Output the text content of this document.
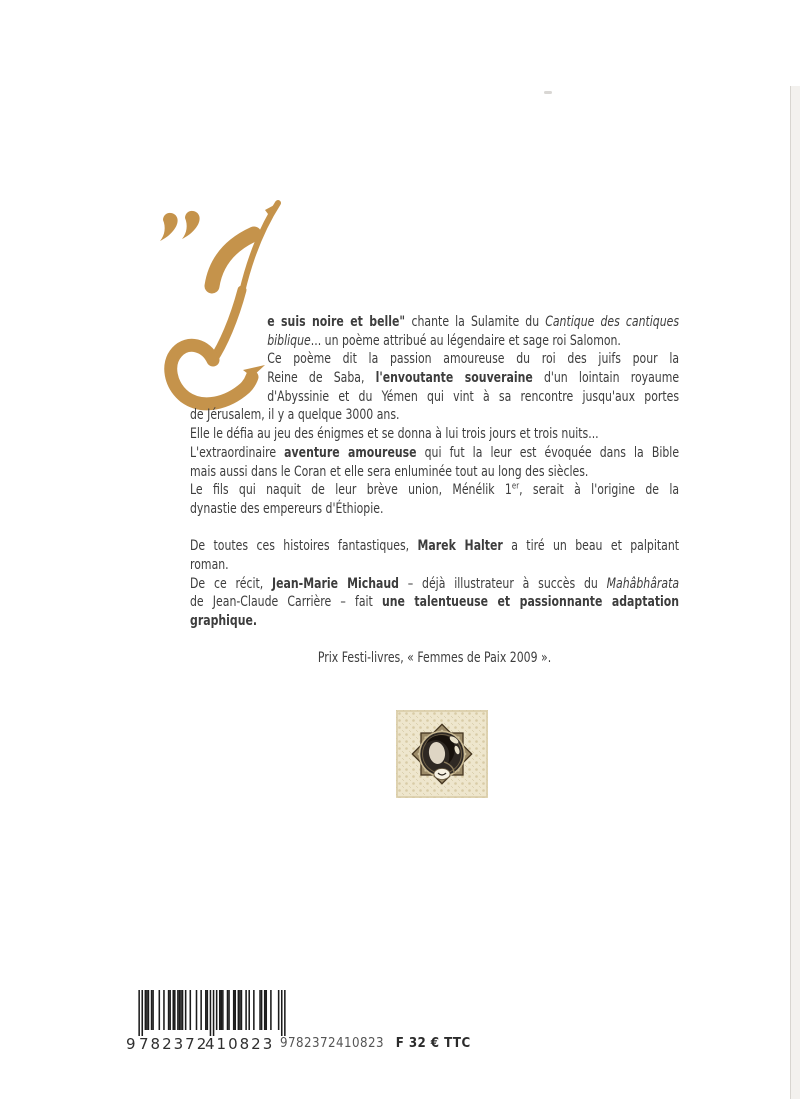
e suis noire et belle" chante la Sulamite du Cantique des cantiques
biblique... un poème attribué au légendaire et sage roi Salomon.
Ce poème dit la passion amoureuse du roi des juifs pour la
Reine de Saba, l'envoutante souveraine d'un lointain royaume
d'Abyssinie et du Yémen qui vint à sa rencontre jusqu'aux portes
de Jérusalem, il y a quelque 3000 ans.
Elle le défia au jeu des énigmes et se donna à lui trois jours et trois nuits...
L'extraordinaire aventure amoureuse qui fut la leur est évoquée dans la Bible
mais aussi dans le Coran et elle sera enluminée tout au long des siècles.
Le fils qui naquit de leur brève union, Ménélik 1er, serait à l'origine de la
dynastie des empereurs d'Éthiopie.
De toutes ces histoires fantastiques, Marek Halter a tiré un beau et palpitant
roman.
De ce récit, Jean-Marie Michaud – déjà illustrateur à succès du Mahâbhârata
de Jean-Claude Carrière – fait une talentueuse et passionnante adaptation
graphique.
Prix Festi-livres, « Femmes de Paix 2009 ».
9 782372
410823 9782372410823 F 32 € TTC
